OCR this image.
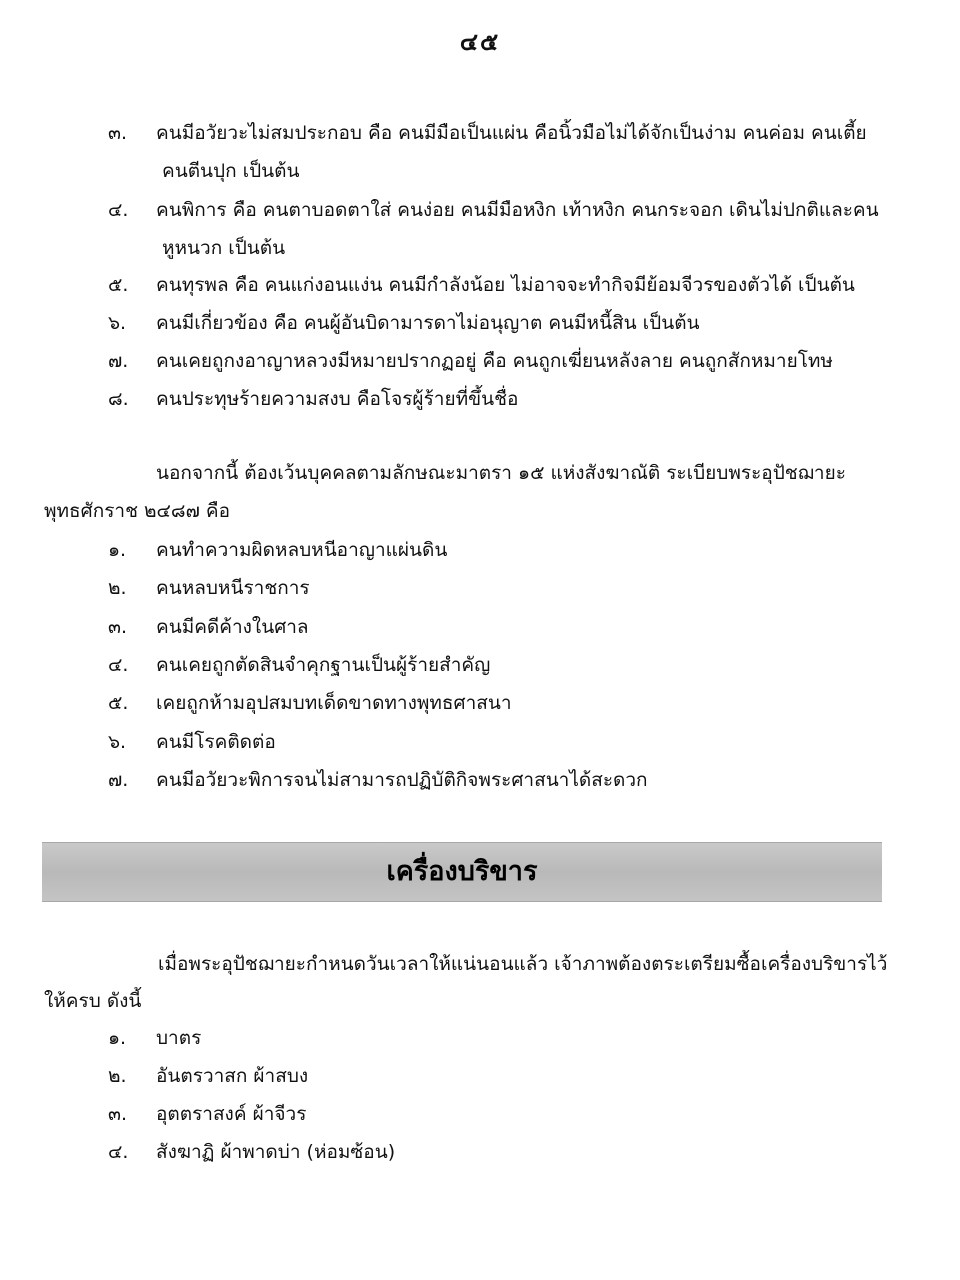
๔๕
๓.	คนมีอวัยวะไม่สมประกอบ คือ คนมีมือเป็นแผ่น คือนิ้วมือไม่ได้จักเป็นง่าม คนค่อม คนเตี้ย
คนตีนปุก เป็นต้น
๔.	คนพิการ คือ คนตาบอดตาใส่ คนง่อย คนมีมือหงิก เท้าหงิก คนกระจอก เดินไม่ปกติและคน
หูหนวก เป็นต้น
๕.	คนทุรพล คือ คนแก่งอนแง่น คนมีกำลังน้อย ไม่อาจจะทำกิจมีย้อมจีวรของตัวได้ เป็นต้น
๖.	คนมีเกี่ยวข้อง คือ คนผู้อันบิดามารดาไม่อนุญาต คนมีหนี้สิน เป็นต้น
๗.	คนเคยถูกงอาญาหลวงมีหมายปรากฏอยู่ คือ คนถูกเฆี่ยนหลังลาย คนถูกสักหมายโทษ
๘.	คนประทุษร้ายความสงบ คือโจรผู้ร้ายที่ขึ้นชื่อ
นอกจากนี้ ต้องเว้นบุคคลตามลักษณะมาตรา ๑๕ แห่งสังฆาณัติ ระเบียบพระอุปัชฌายะ
พุทธศักราช ๒๔๘๗ คือ
๑.	คนทำความผิดหลบหนีอาญาแผ่นดิน
๒.	คนหลบหนีราชการ
๓.	คนมีคดีค้างในศาล
๔.	คนเคยถูกตัดสินจำคุกฐานเป็นผู้ร้ายสำคัญ
๕.	เคยถูกห้ามอุปสมบทเด็ดขาดทางพุทธศาสนา
๖.	คนมีโรคติดต่อ
๗.	คนมีอวัยวะพิการจนไม่สามารถปฏิบัติกิจพระศาสนาได้สะดวก
เครื่องบริขาร
เมื่อพระอุปัชฌายะกำหนดวันเวลาให้แน่นอนแล้ว เจ้าภาพต้องตระเตรียมซื้อเครื่องบริขารไว้
ให้ครบ ดังนี้
๑.	บาตร
๒.	อันตรวาสก ผ้าสบง
๓.	อุตตราสงค์ ผ้าจีวร
๔.	สังฆาฏิ ผ้าพาดบ่า (ห่อมซ้อน)
